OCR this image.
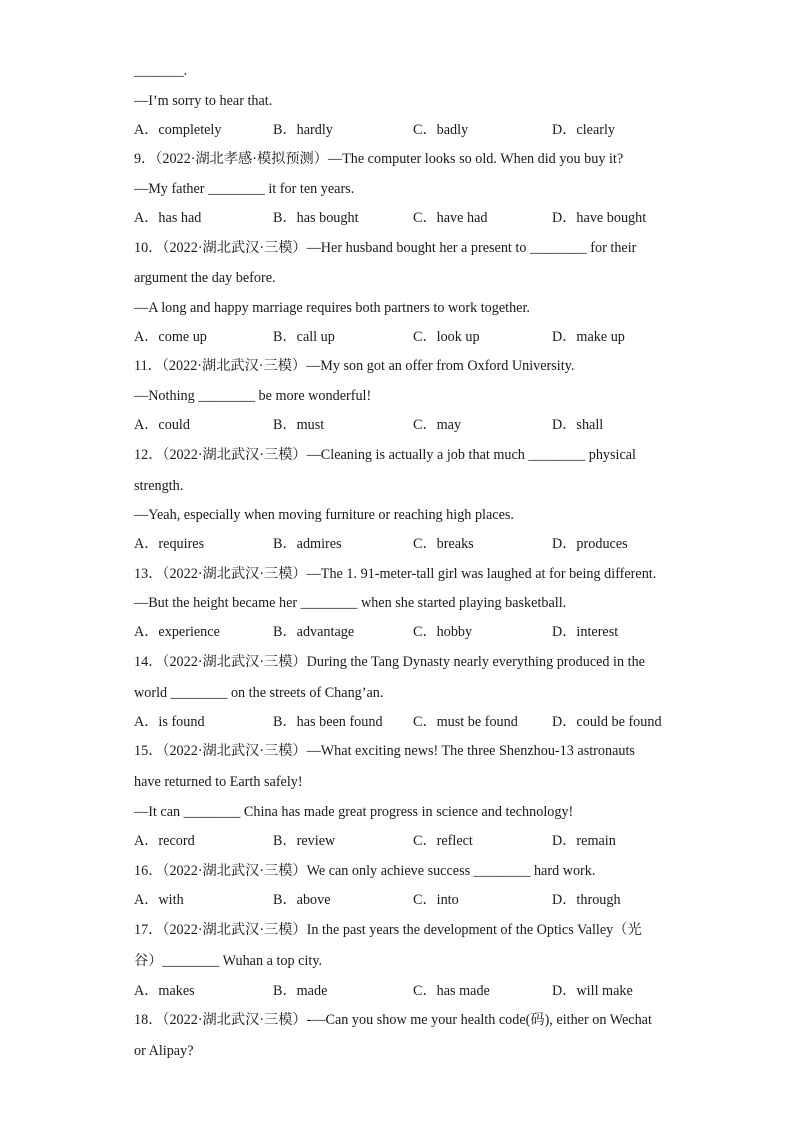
_______.
—I’m sorry to hear that.
A．completely	B．hardly	C．badly	D．clearly
9．（2022·湖北孝感·模拟预测）—The computer looks so old. When did you buy it?
—My father ________ it for ten years.
A．has had	B．has bought	C．have had	D．have bought
10．（2022·湖北武汉·三模）—Her husband bought her a present to ________ for their
argument the day before.
—A long and happy marriage requires both partners to work together.
A．come up	B．call up	C．look up	D．make up
11．（2022·湖北武汉·三模）—My son got an offer from Oxford University.
—Nothing ________ be more wonderful!
A．could	B．must	C．may	D．shall
12．（2022·湖北武汉·三模）—Cleaning is actually a job that much ________ physical
strength.
—Yeah, especially when moving furniture or reaching high places.
A．requires	B．admires	C．breaks	D．produces
13．（2022·湖北武汉·三模）—The 1. 91-meter-tall girl was laughed at for being different.
—But the height became her ________ when she started playing basketball.
A．experience	B．advantage	C．hobby	D．interest
14．（2022·湖北武汉·三模）During the Tang Dynasty nearly everything produced in the
world ________ on the streets of Chang’an.
A．is found	B．has been found C．must be found D．could be found
15．（2022·湖北武汉·三模）—What exciting news! The three Shenzhou-13 astronauts
have returned to Earth safely!
—It can ________ China has made great progress in science and technology!
A．record	B．review	C．reflect	D．remain
16．（2022·湖北武汉·三模）We can only achieve success ________ hard work.
A．with	B．above	C．into	D．through
17．（2022·湖北武汉·三模）In the past years the development of the Optics Valley（光
谷）________ Wuhan a top city.
A．makes	B．made	C．has made	D．will make
18．（2022·湖北武汉·三模）-—Can you show me your health code(码), either on Wechat
or Alipay?
